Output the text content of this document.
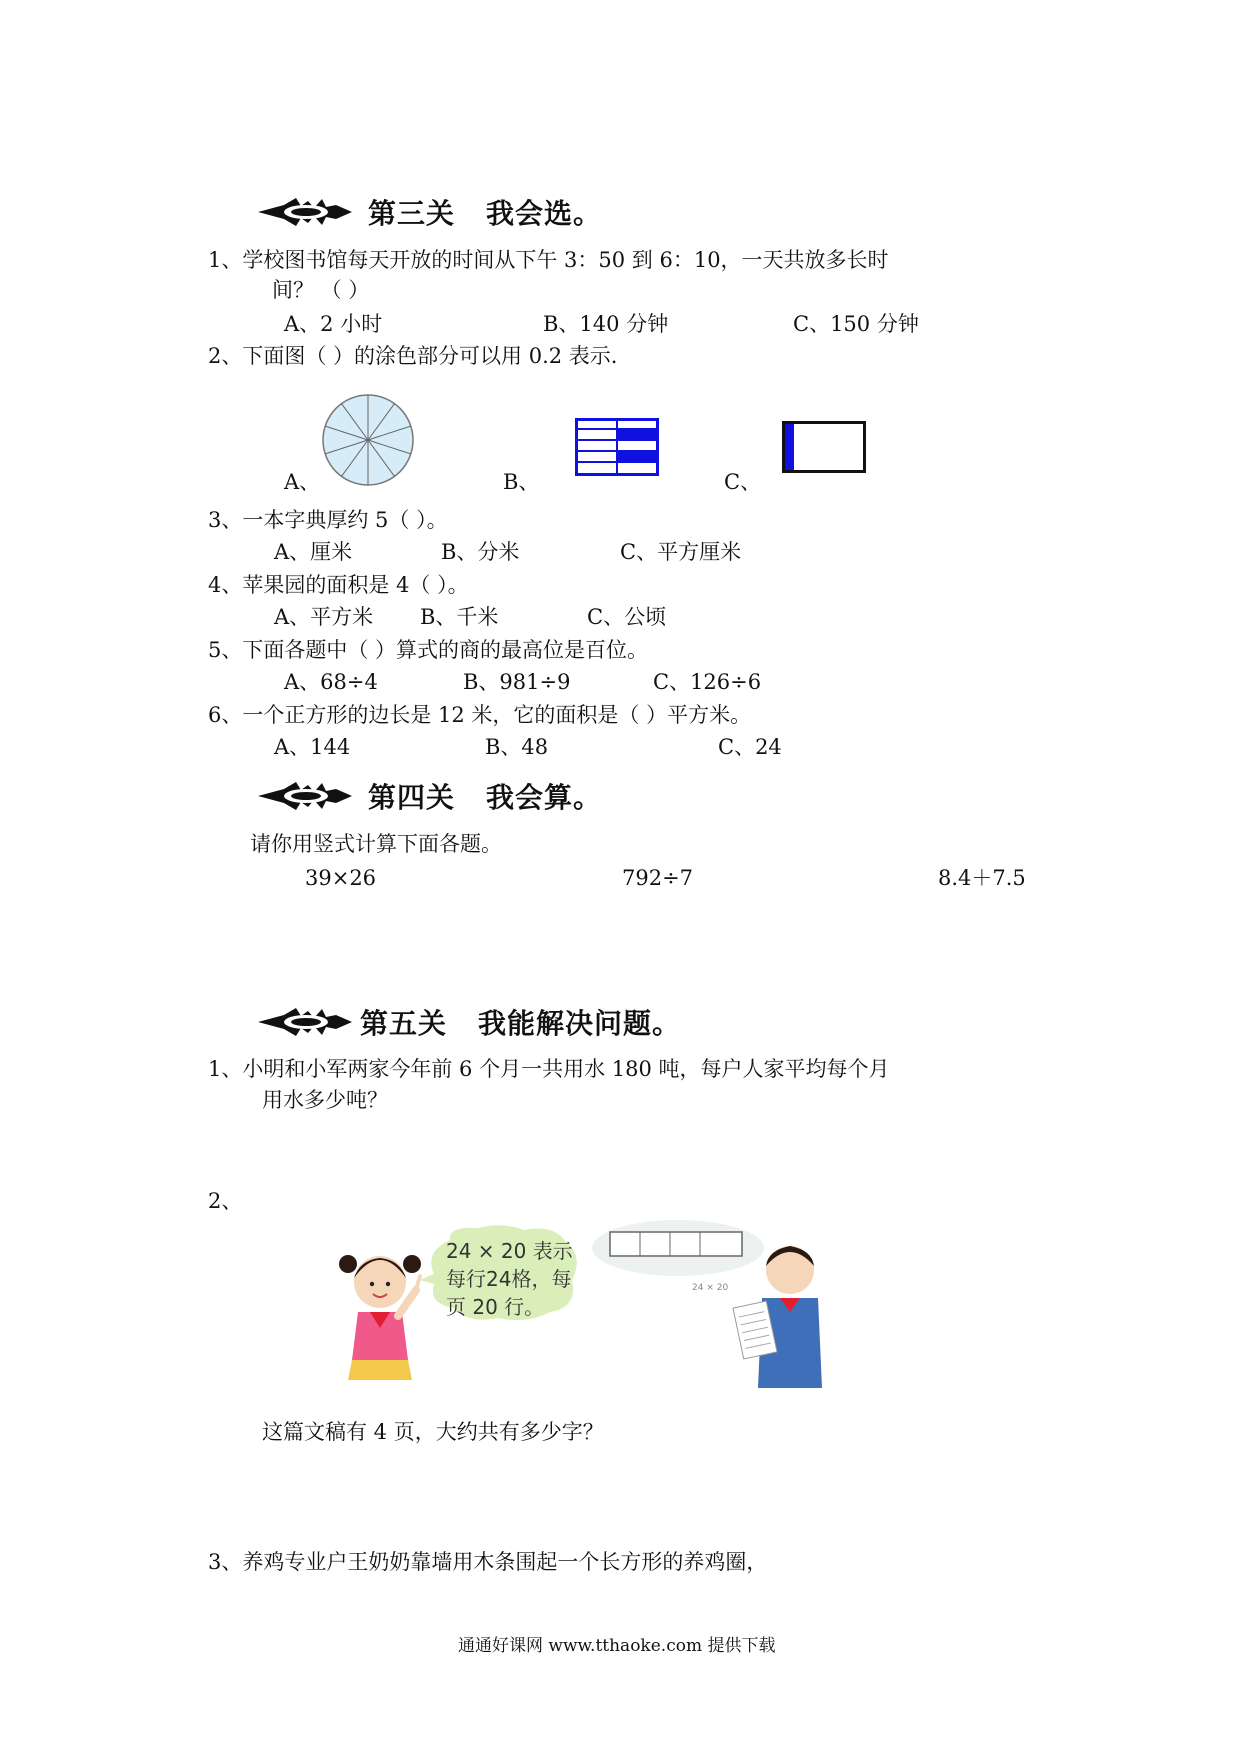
第三关 我会选。
1、学校图书馆每天开放的时间从下午 3：50 到 6：10，一天共放多长时
间？ （ ）
A、2 小时	B、140 分钟	C、150 分钟
2、下面图（ ）的涂色部分可以用 0.2 表示.
A、	B、	C、
3、一本字典厚约 5（ ）。
A、厘米	B、分米	C、平方厘米
4、苹果园的面积是 4（ ）。
A、平方米 B、千米	C、公顷
5、下面各题中（ ）算式的商的最高位是百位。
A、68÷4	B、981÷9	C、126÷6
6、一个正方形的边长是 12 米，它的面积是（ ）平方米。
A、144	B、48	C、24
第四关 我会算。
请你用竖式计算下面各题。
39×26	792÷7	8.4＋7.5
第五关 我能解决问题。
1、小明和小军两家今年前 6 个月一共用水 180 吨，每户人家平均每个月
用水多少吨？
2、
24 × 20 表示
每行24格，每
页 20 行。
24 × 20
这篇文稿有 4 页，大约共有多少字？
3、养鸡专业户王奶奶靠墙用木条围起一个长方形的养鸡圈，
通通好课网 www.tthaoke.com 提供下载
